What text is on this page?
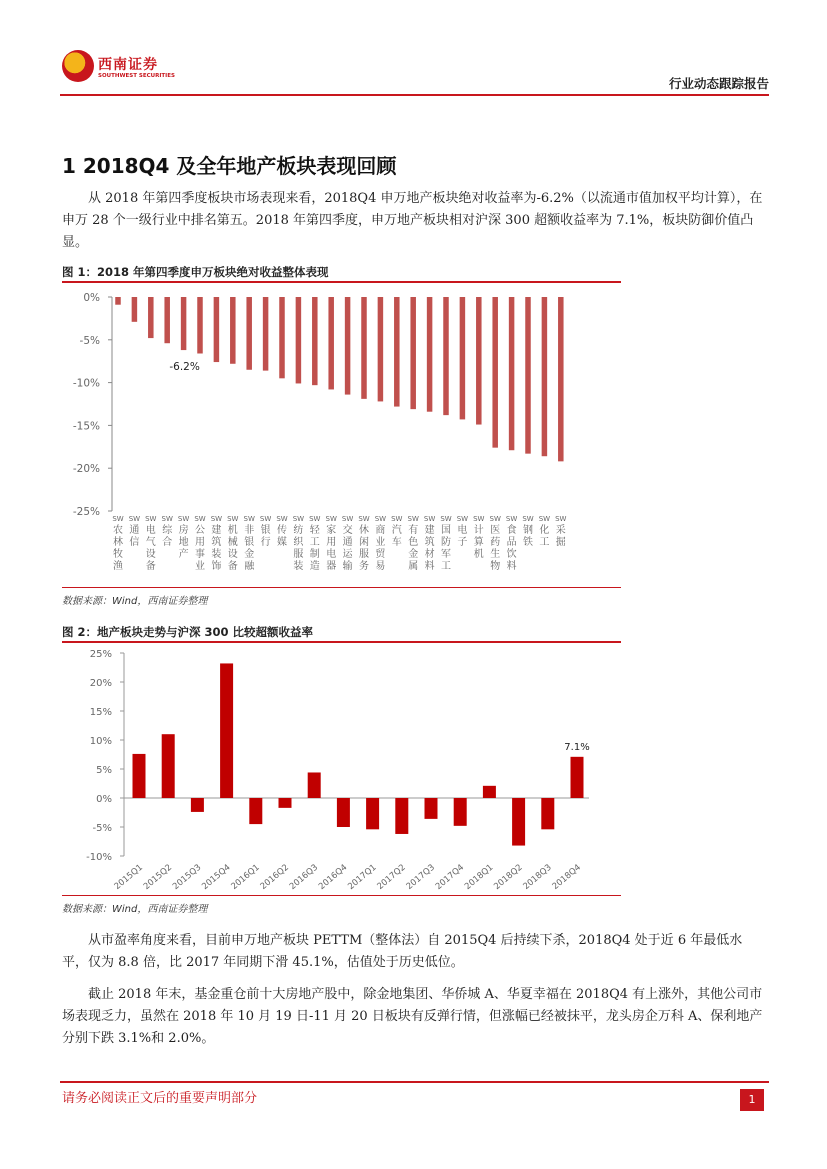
西南证券
SOUTHWEST SECURITIES	行业动态跟踪报告
1 2018Q4 及全年地产板块表现回顾
从 2018 年第四季度板块市场表现来看，2018Q4 申万地产板块绝对收益率为-6.2%（以流通市值加权平均计算），在申万 28 个一级行业中排名第五。2018 年第四季度，申万地产板块相对沪深 300 超额收益率为 7.1%，板块防御价值凸显。
图 1：2018 年第四季度申万板块绝对收益整体表现
0%
-5%
-10%
-15%
-20%
-25%
SW 农林牧渔
SW 通信
SW 电气设备
SW 综合
SW 房地产
SW 公用事业
SW 建筑装饰
SW 机械设备
SW 非银金融
SW 银行
SW 传媒
SW 纺织服装
SW 轻工制造
SW 家用电器
SW 交通运输
SW 休闲服务
SW 商业贸易
SW 汽车
SW 有色金属
SW 建筑材料
SW 国防军工
SW 电子
SW 计算机
SW 医药生物
SW 食品饮料
SW 钢铁
SW 化工
SW 采掘
-6.2%
数据来源：Wind，西南证券整理
图 2：地产板块走势与沪深 300 比较超额收益率
25%
20%
15%
10%
5%
0%
-5%
-10%
2015Q1
2015Q2
2015Q3
2015Q4
2016Q1
2016Q2
2016Q3
2016Q4
2017Q1
2017Q2
2017Q3
2017Q4
2018Q1
2018Q2
2018Q3
2018Q4
7.1%
数据来源：Wind，西南证券整理
从市盈率角度来看，目前申万地产板块 PETTM（整体法）自 2015Q4 后持续下杀，2018Q4 处于近 6 年最低水平，仅为 8.8 倍，比 2017 年同期下滑 45.1%，估值处于历史低位。
截止 2018 年末，基金重仓前十大房地产股中，除金地集团、华侨城 A、华夏幸福在 2018Q4 有上涨外，其他公司市场表现乏力，虽然在 2018 年 10 月 19 日-11 月 20 日板块有反弹行情，但涨幅已经被抹平，龙头房企万科 A、保利地产分别下跌 3.1%和 2.0%。
请务必阅读正文后的重要声明部分	1
